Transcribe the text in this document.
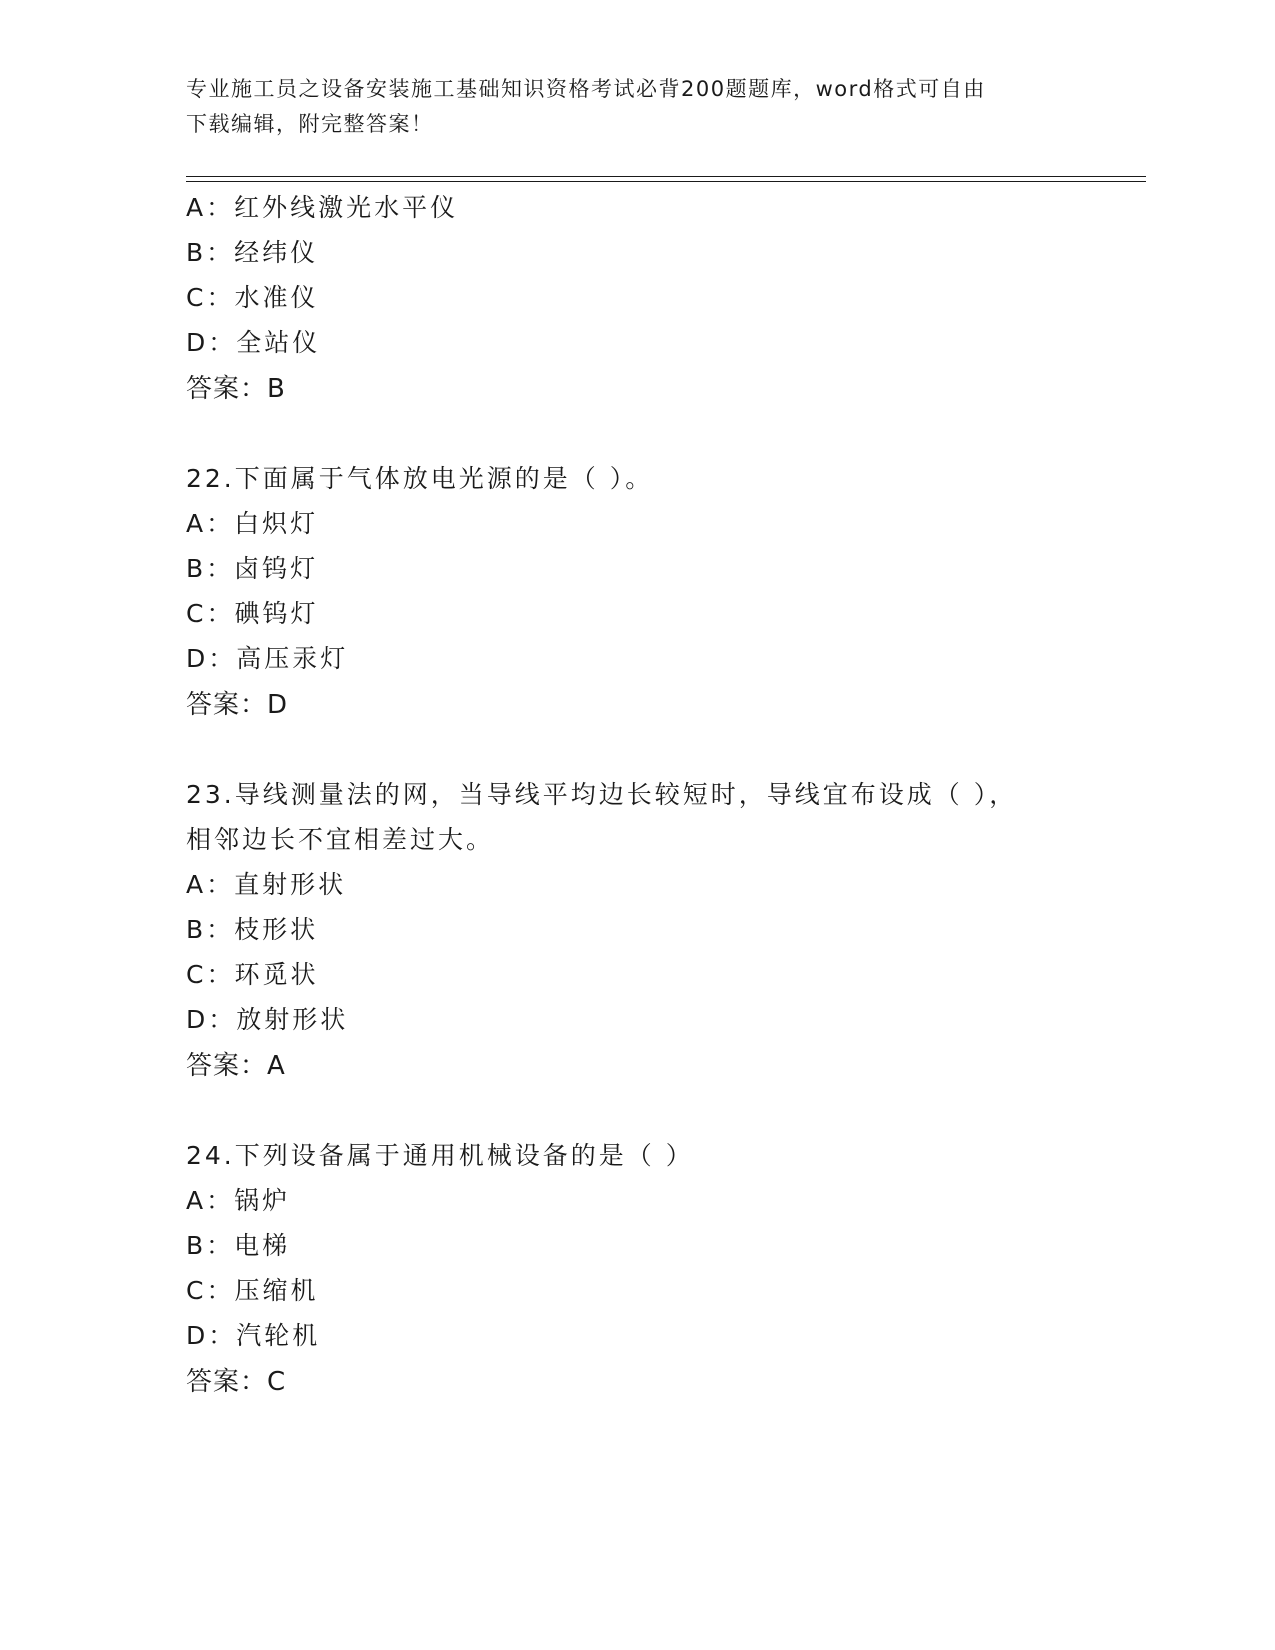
专业施工员之设备安装施工基础知识资格考试必背200题题库，word格式可自由
下载编辑，附完整答案！
A：红外线激光水平仪
B：经纬仪
C：水准仪
D：全站仪
答案：B
22.下面属于气体放电光源的是（ ）。
A：白炽灯
B：卤钨灯
C：碘钨灯
D：高压汞灯
答案：D
23.导线测量法的网，当导线平均边长较短时，导线宜布设成（ ），
相邻边长不宜相差过大。
A：直射形状
B：枝形状
C：环觅状
D：放射形状
答案：A
24.下列设备属于通用机械设备的是（ ）
A：锅炉
B：电梯
C：压缩机
D：汽轮机
答案：C
